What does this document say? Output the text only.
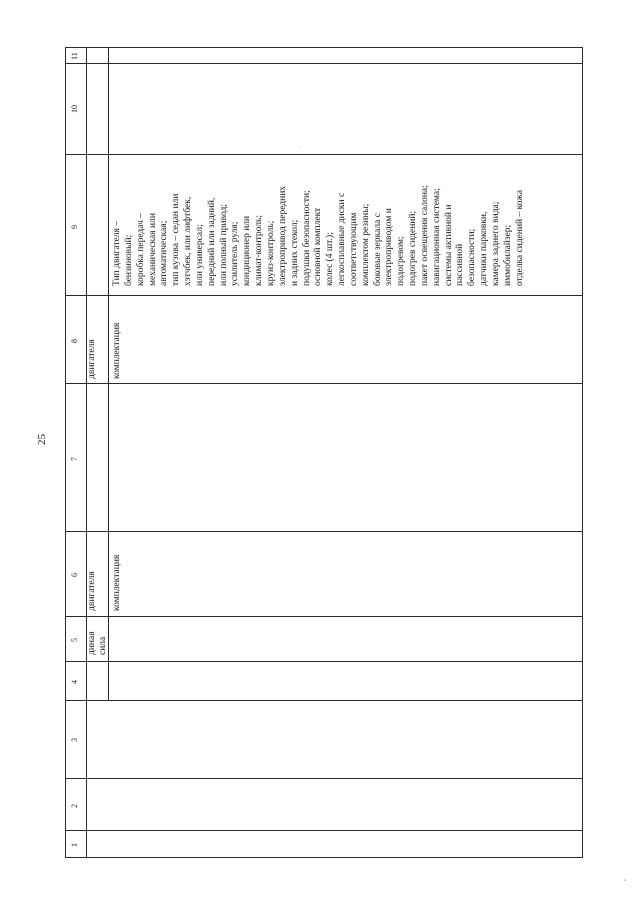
25
11
10
9
8
7
6
5
4
3
2
1
диная сила
двигателя комплектация
двигателя комплектация
Тип двигателя – бензиновый; коробка передач – механическая или автоматическая; тип кузова – седан или хэтчбек, или лифтбек, или универсал; передний или задний, или полный привод; усилитель руля; кондиционер или климат-контроль; круиз-контроль; электропривод передних и задних стекол; подушки безопасности; основной комплект колес (4 шт.); легкосплавные диски с соответствующим комплектом резины; боковые зеркала с электроприводом и подогревом; подогрев сидений; пакет освещения салона; навигационная система; системы активной и пассивной безопасности; датчики парковки, камера заднего вида; иммобилайзер; отделка сидений – кожа
